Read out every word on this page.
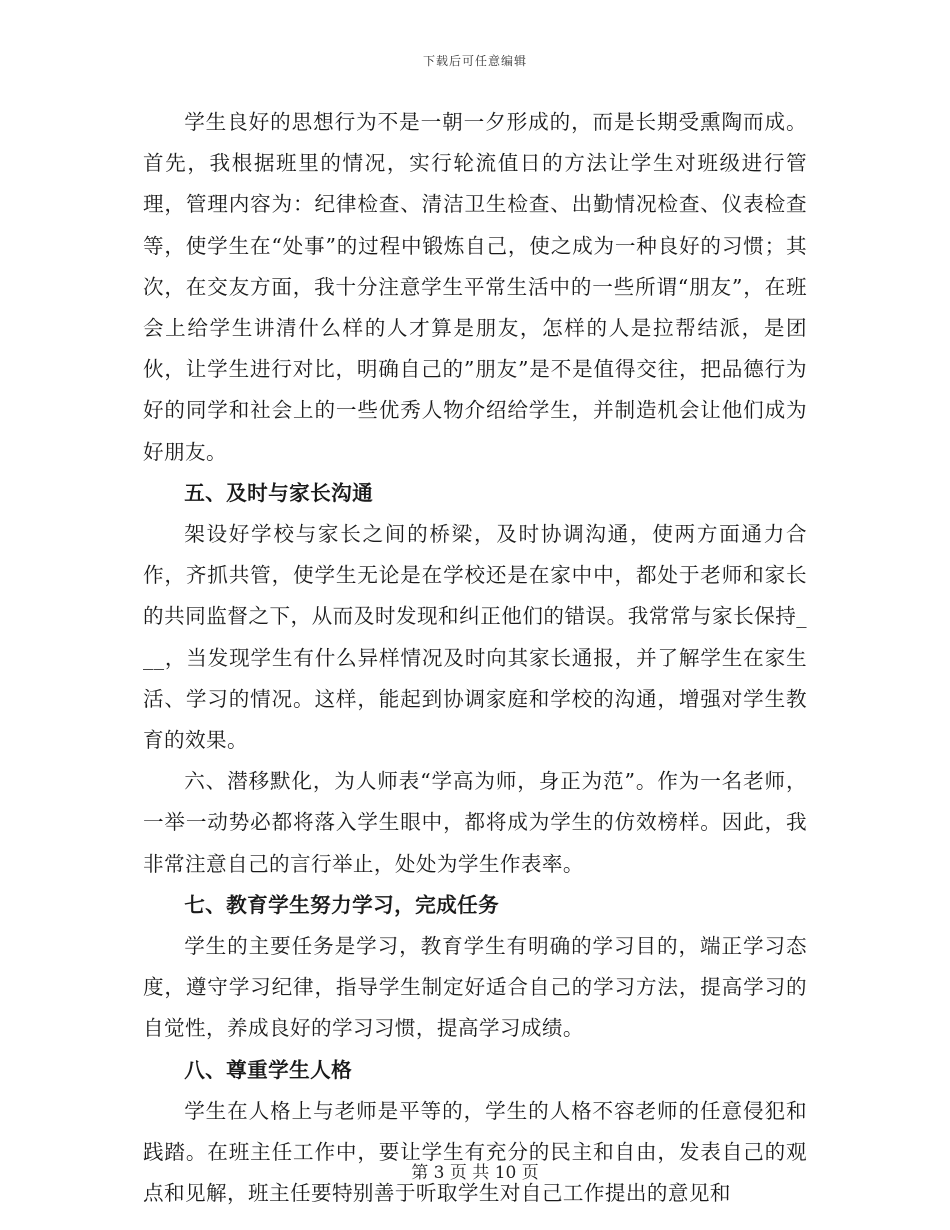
下载后可任意编辑

学生良好的思想行为不是一朝一夕形成的，而是长期受熏陶而成。首先，我根据班里的情况，实行轮流值日的方法让学生对班级进行管理，管理内容为：纪律检查、清洁卫生检查、出勤情况检查、仪表检查等，使学生在“处事”的过程中锻炼自己，使之成为一种良好的习惯；其次，在交友方面，我十分注意学生平常生活中的一些所谓“朋友”，在班会上给学生讲清什么样的人才算是朋友，怎样的人是拉帮结派，是团伙，让学生进行对比，明确自己的”朋友”是不是值得交往，把品德行为好的同学和社会上的一些优秀人物介绍给学生，并制造机会让他们成为好朋友。

五、及时与家长沟通

架设好学校与家长之间的桥梁，及时协调沟通，使两方面通力合作，齐抓共管，使学生无论是在学校还是在家中中，都处于老师和家长的共同监督之下，从而及时发现和纠正他们的错误。我常常与家长保持___，当发现学生有什么异样情况及时向其家长通报，并了解学生在家生活、学习的情况。这样，能起到协调家庭和学校的沟通，增强对学生教育的效果。

六、潜移默化，为人师表“学高为师，身正为范”。作为一名老师，一举一动势必都将落入学生眼中，都将成为学生的仿效榜样。因此，我非常注意自己的言行举止，处处为学生作表率。

七、教育学生努力学习，完成任务

学生的主要任务是学习，教育学生有明确的学习目的，端正学习态度，遵守学习纪律，指导学生制定好适合自己的学习方法，提高学习的自觉性，养成良好的学习习惯，提高学习成绩。

八、尊重学生人格

学生在人格上与老师是平等的，学生的人格不容老师的任意侵犯和践踏。在班主任工作中，要让学生有充分的民主和自由，发表自己的观点和见解，班主任要特别善于听取学生对自己工作提出的意见和

第 3 页 共 10 页
